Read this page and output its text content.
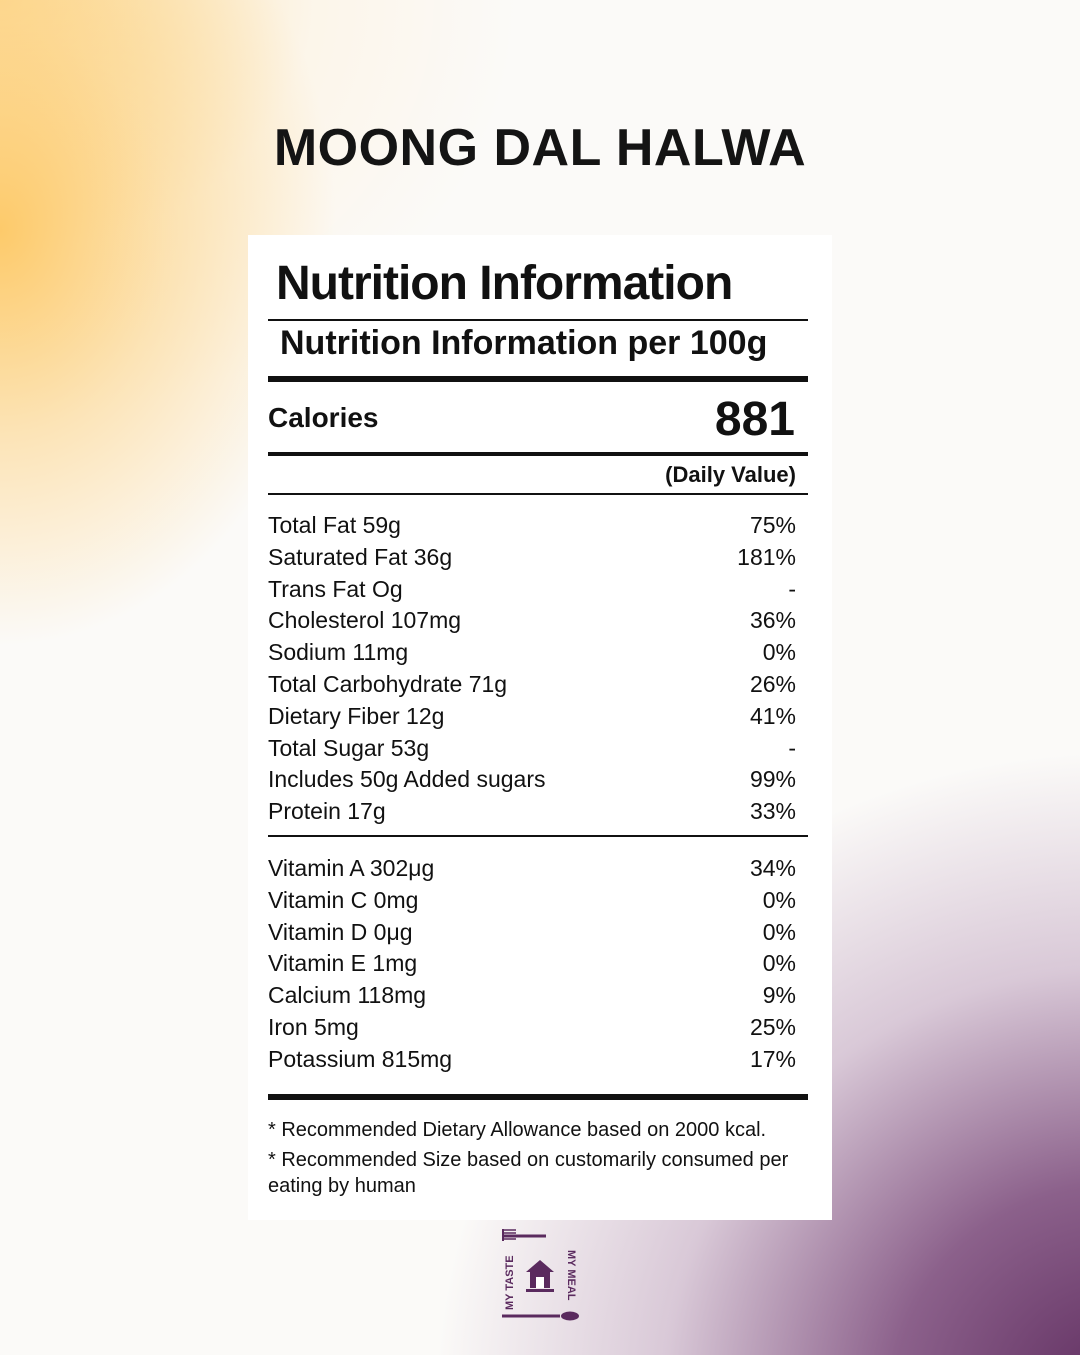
MOONG DAL HALWA
Nutrition Information
Nutrition Information per 100g
Calories	881
(Daily Value)
Total Fat 59g	75%
Saturated Fat 36g	181%
Trans Fat Og	-
Cholesterol 107mg	36%
Sodium 11mg	0%
Total Carbohydrate 71g	26%
Dietary Fiber 12g	41%
Total Sugar 53g	-
Includes 50g Added sugars	99%
Protein 17g	33%
Vitamin A 302μg	34%
Vitamin C 0mg	0%
Vitamin D 0μg	0%
Vitamin E 1mg	0%
Calcium 118mg	9%
Iron 5mg	25%
Potassium 815mg	17%
* Recommended Dietary Allowance based on 2000 kcal.
* Recommended Size based on customarily consumed per eating by human
MY TASTE	MY MEAL
